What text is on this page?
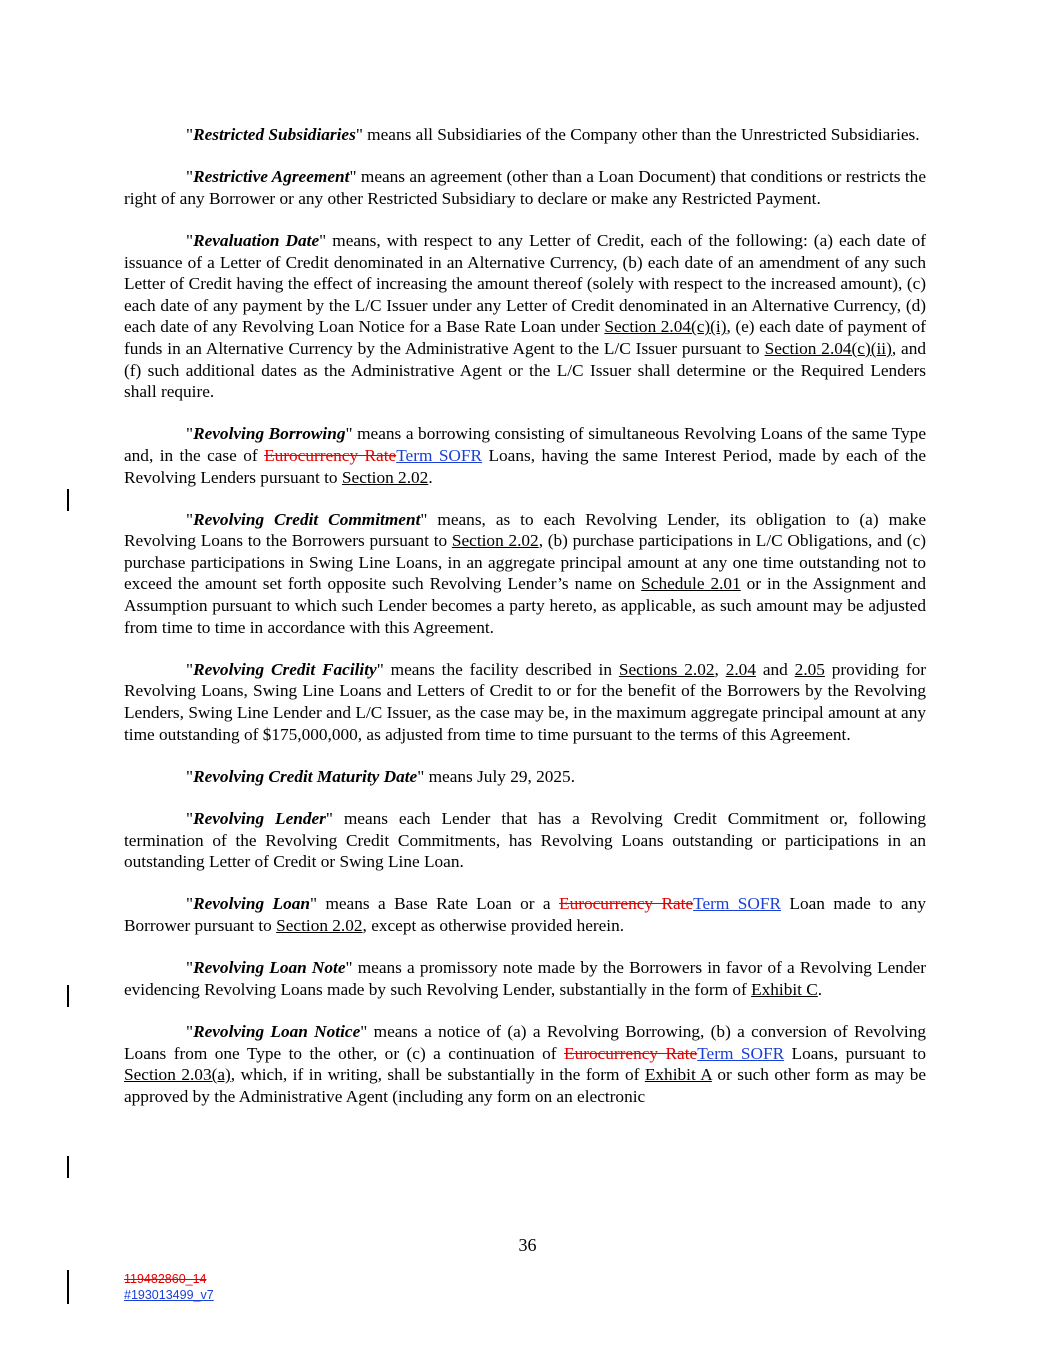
"Restricted Subsidiaries" means all Subsidiaries of the Company other than the Unrestricted Subsidiaries.

"Restrictive Agreement" means an agreement (other than a Loan Document) that conditions or restricts the right of any Borrower or any other Restricted Subsidiary to declare or make any Restricted Payment.

"Revaluation Date" means, with respect to any Letter of Credit, each of the following: (a) each date of issuance of a Letter of Credit denominated in an Alternative Currency, (b) each date of an amendment of any such Letter of Credit having the effect of increasing the amount thereof (solely with respect to the increased amount), (c) each date of any payment by the L/C Issuer under any Letter of Credit denominated in an Alternative Currency, (d) each date of any Revolving Loan Notice for a Base Rate Loan under Section 2.04(c)(i), (e) each date of payment of funds in an Alternative Currency by the Administrative Agent to the L/C Issuer pursuant to Section 2.04(c)(ii), and (f) such additional dates as the Administrative Agent or the L/C Issuer shall determine or the Required Lenders shall require.

"Revolving Borrowing" means a borrowing consisting of simultaneous Revolving Loans of the same Type and, in the case of Eurocurrency RateTerm SOFR Loans, having the same Interest Period, made by each of the Revolving Lenders pursuant to Section 2.02.

"Revolving Credit Commitment" means, as to each Revolving Lender, its obligation to (a) make Revolving Loans to the Borrowers pursuant to Section 2.02, (b) purchase participations in L/C Obligations, and (c) purchase participations in Swing Line Loans, in an aggregate principal amount at any one time outstanding not to exceed the amount set forth opposite such Revolving Lender’s name on Schedule 2.01 or in the Assignment and Assumption pursuant to which such Lender becomes a party hereto, as applicable, as such amount may be adjusted from time to time in accordance with this Agreement.

"Revolving Credit Facility" means the facility described in Sections 2.02, 2.04 and 2.05 providing for Revolving Loans, Swing Line Loans and Letters of Credit to or for the benefit of the Borrowers by the Revolving Lenders, Swing Line Lender and L/C Issuer, as the case may be, in the maximum aggregate principal amount at any time outstanding of $175,000,000, as adjusted from time to time pursuant to the terms of this Agreement.

"Revolving Credit Maturity Date" means July 29, 2025.

"Revolving Lender" means each Lender that has a Revolving Credit Commitment or, following termination of the Revolving Credit Commitments, has Revolving Loans outstanding or participations in an outstanding Letter of Credit or Swing Line Loan.

"Revolving Loan" means a Base Rate Loan or a Eurocurrency RateTerm SOFR Loan made to any Borrower pursuant to Section 2.02, except as otherwise provided herein.

"Revolving Loan Note" means a promissory note made by the Borrowers in favor of a Revolving Lender evidencing Revolving Loans made by such Revolving Lender, substantially in the form of Exhibit C.

"Revolving Loan Notice" means a notice of (a) a Revolving Borrowing, (b) a conversion of Revolving Loans from one Type to the other, or (c) a continuation of Eurocurrency RateTerm SOFR Loans, pursuant to Section 2.03(a), which, if in writing, shall be substantially in the form of Exhibit A or such other form as may be approved by the Administrative Agent (including any form on an electronic

36
119482860_14
#193013499_v7
